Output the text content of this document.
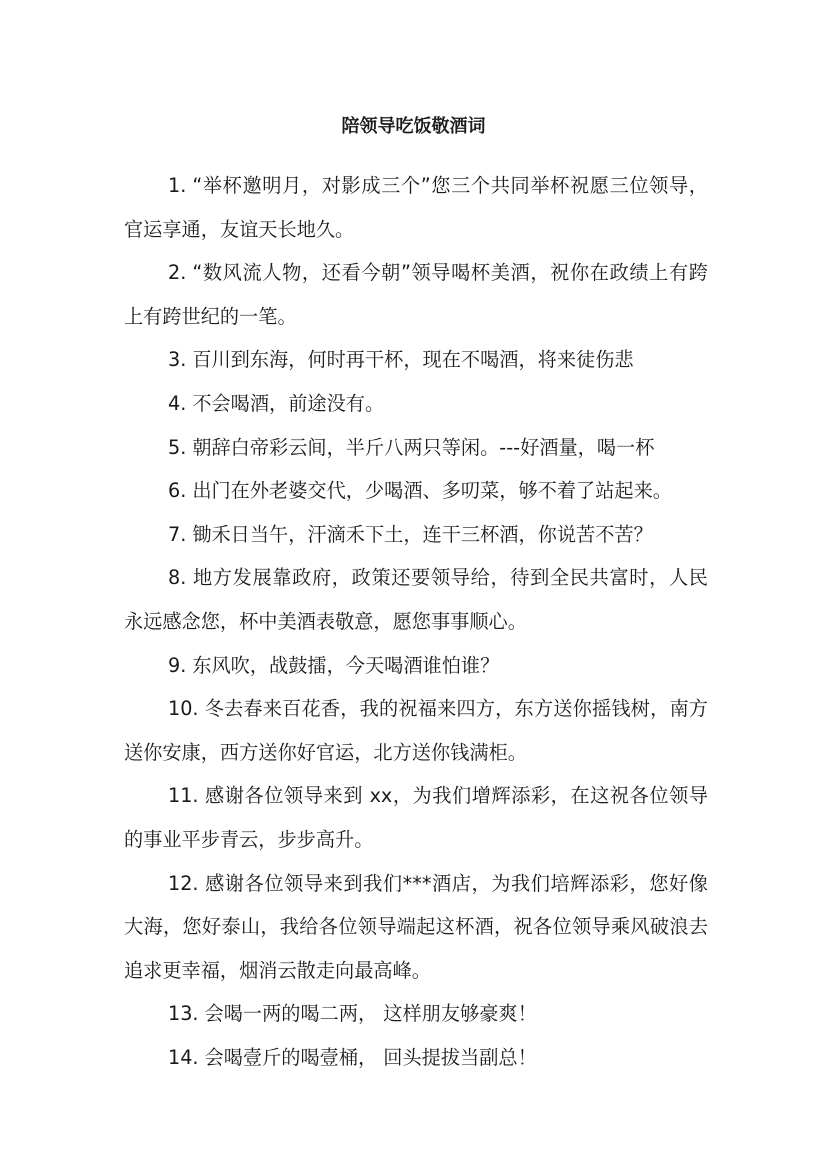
陪领导吃饭敬酒词

1. “举杯邀明月，对影成三个”您三个共同举杯祝愿三位领导，官运享通，友谊天长地久。

2. “数风流人物，还看今朝”领导喝杯美酒，祝你在政绩上有跨上有跨世纪的一笔。

3. 百川到东海，何时再干杯，现在不喝酒，将来徒伤悲

4. 不会喝酒，前途没有。

5. 朝辞白帝彩云间，半斤八两只等闲。---好酒量，喝一杯

6. 出门在外老婆交代，少喝酒、多叨菜，够不着了站起来。

7. 锄禾日当午，汗滴禾下土，连干三杯酒，你说苦不苦？

8. 地方发展靠政府，政策还要领导给，待到全民共富时，人民永远感念您，杯中美酒表敬意，愿您事事顺心。

9. 东风吹，战鼓擂，今天喝酒谁怕谁？

10. 冬去春来百花香，我的祝福来四方，东方送你摇钱树，南方送你安康，西方送你好官运，北方送你钱满柜。

11. 感谢各位领导来到 xx，为我们增辉添彩，在这祝各位领导的事业平步青云，步步高升。

12. 感谢各位领导来到我们***酒店，为我们培辉添彩，您好像大海，您好泰山，我给各位领导端起这杯酒，祝各位领导乘风破浪去追求更幸福，烟消云散走向最高峰。

13. 会喝一两的喝二两， 这样朋友够豪爽！

14. 会喝壹斤的喝壹桶， 回头提拔当副总！
